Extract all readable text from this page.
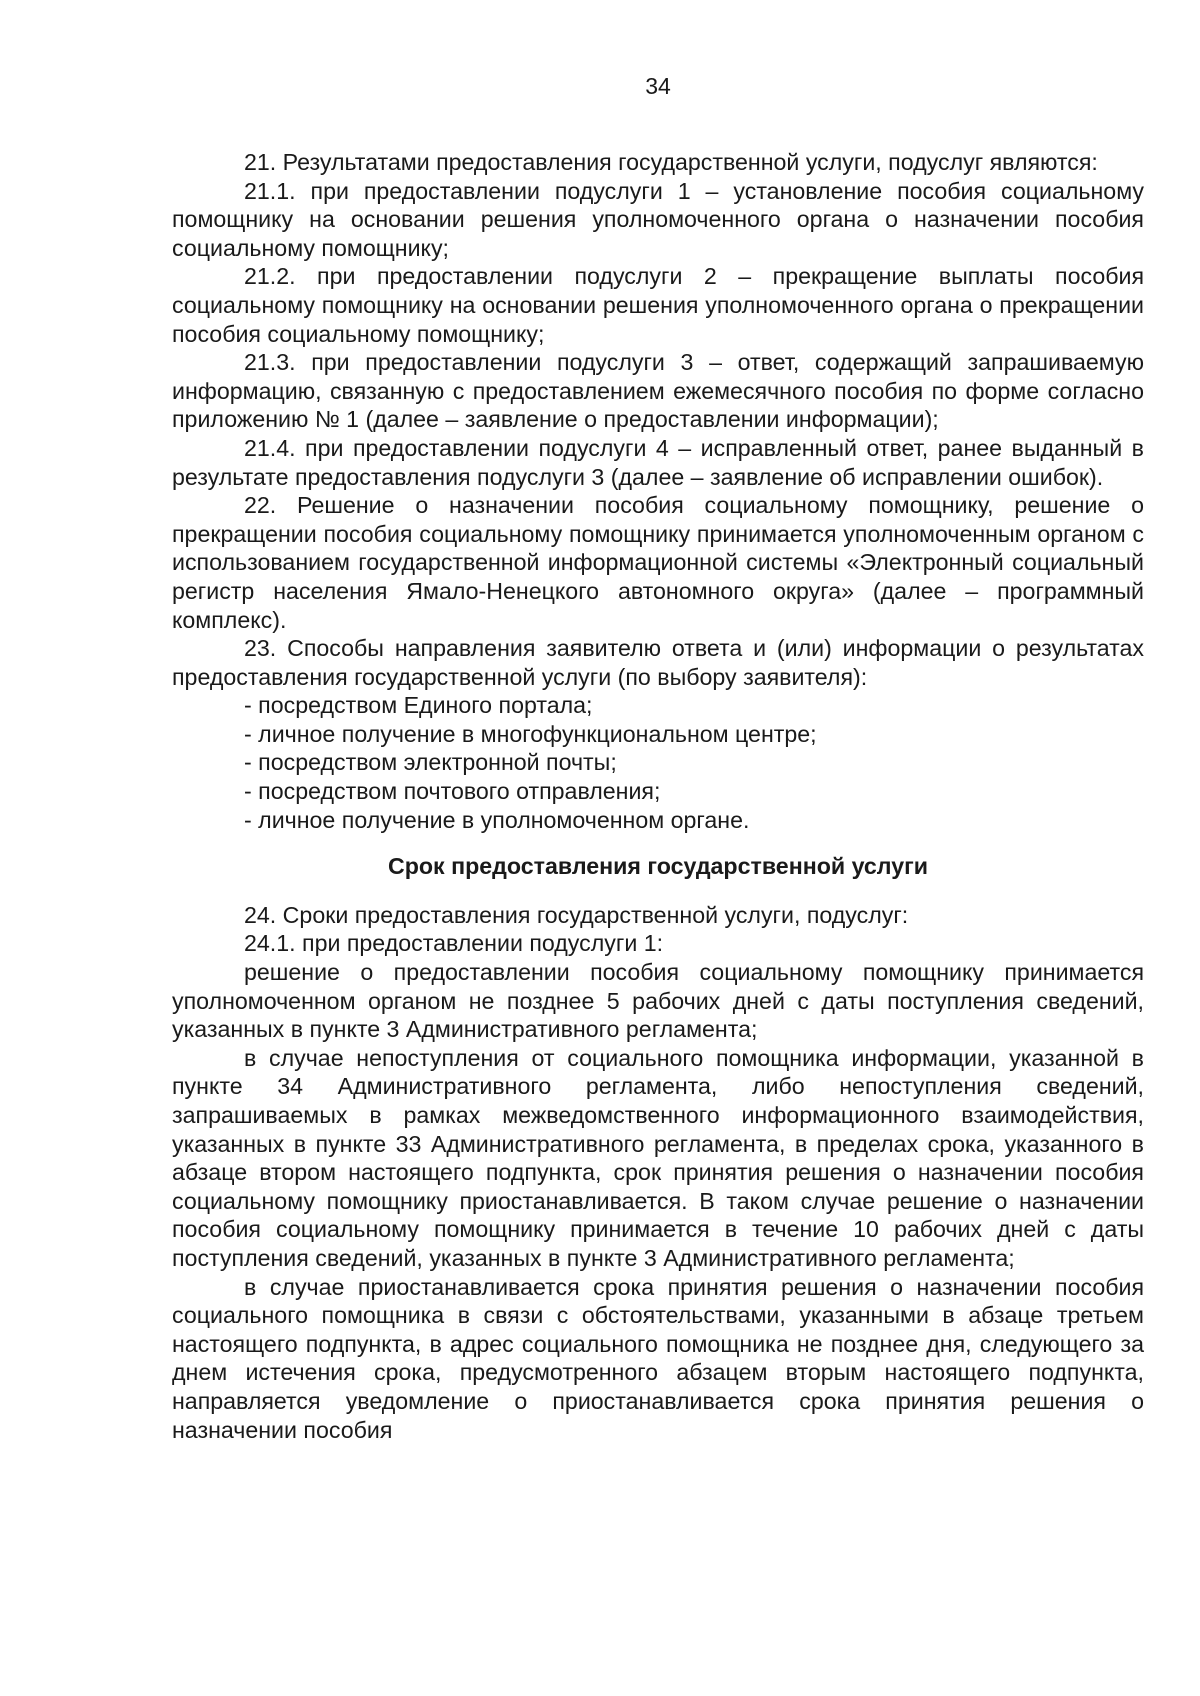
34

21. Результатами предоставления государственной услуги, подуслуг являются:

21.1. при предоставлении подуслуги 1 – установление пособия социальному помощнику на основании решения уполномоченного органа о назначении пособия социальному помощнику;

21.2. при предоставлении подуслуги 2 – прекращение выплаты пособия социальному помощнику на основании решения уполномоченного органа о прекращении пособия социальному помощнику;

21.3. при предоставлении подуслуги 3 – ответ, содержащий запрашиваемую информацию, связанную с предоставлением ежемесячного пособия по форме согласно приложению № 1 (далее – заявление о предоставлении информации);

21.4. при предоставлении подуслуги 4 – исправленный ответ, ранее выданный в результате предоставления подуслуги 3 (далее – заявление об исправлении ошибок).

22. Решение о назначении пособия социальному помощнику, решение о прекращении пособия социальному помощнику принимается уполномоченным органом с использованием государственной информационной системы «Электронный социальный регистр населения Ямало-Ненецкого автономного округа» (далее – программный комплекс).

23. Способы направления заявителю ответа и (или) информации о результатах предоставления государственной услуги (по выбору заявителя):

- посредством Единого портала;

- личное получение в многофункциональном центре;

- посредством электронной почты;

- посредством почтового отправления;

- личное получение в уполномоченном органе.

Срок предоставления государственной услуги

24. Сроки предоставления государственной услуги, подуслуг:

24.1. при предоставлении подуслуги 1:

решение о предоставлении пособия социальному помощнику принимается уполномоченном органом не позднее 5 рабочих дней с даты поступления сведений, указанных в пункте 3 Административного регламента;

в случае непоступления от социального помощника информации, указанной в пункте 34 Административного регламента, либо непоступления сведений, запрашиваемых в рамках межведомственного информационного взаимодействия, указанных в пункте 33 Административного регламента, в пределах срока, указанного в абзаце втором настоящего подпункта, срок принятия решения о назначении пособия социальному помощнику приостанавливается. В таком случае решение о назначении пособия социальному помощнику принимается в течение 10 рабочих дней с даты поступления сведений, указанных в пункте 3 Административного регламента;

в случае приостанавливается срока принятия решения о назначении пособия социального помощника в связи с обстоятельствами, указанными в абзаце третьем настоящего подпункта, в адрес социального помощника не позднее дня, следующего за днем истечения срока, предусмотренного абзацем вторым настоящего подпункта, направляется уведомление о приостанавливается срока принятия решения о назначении пособия
